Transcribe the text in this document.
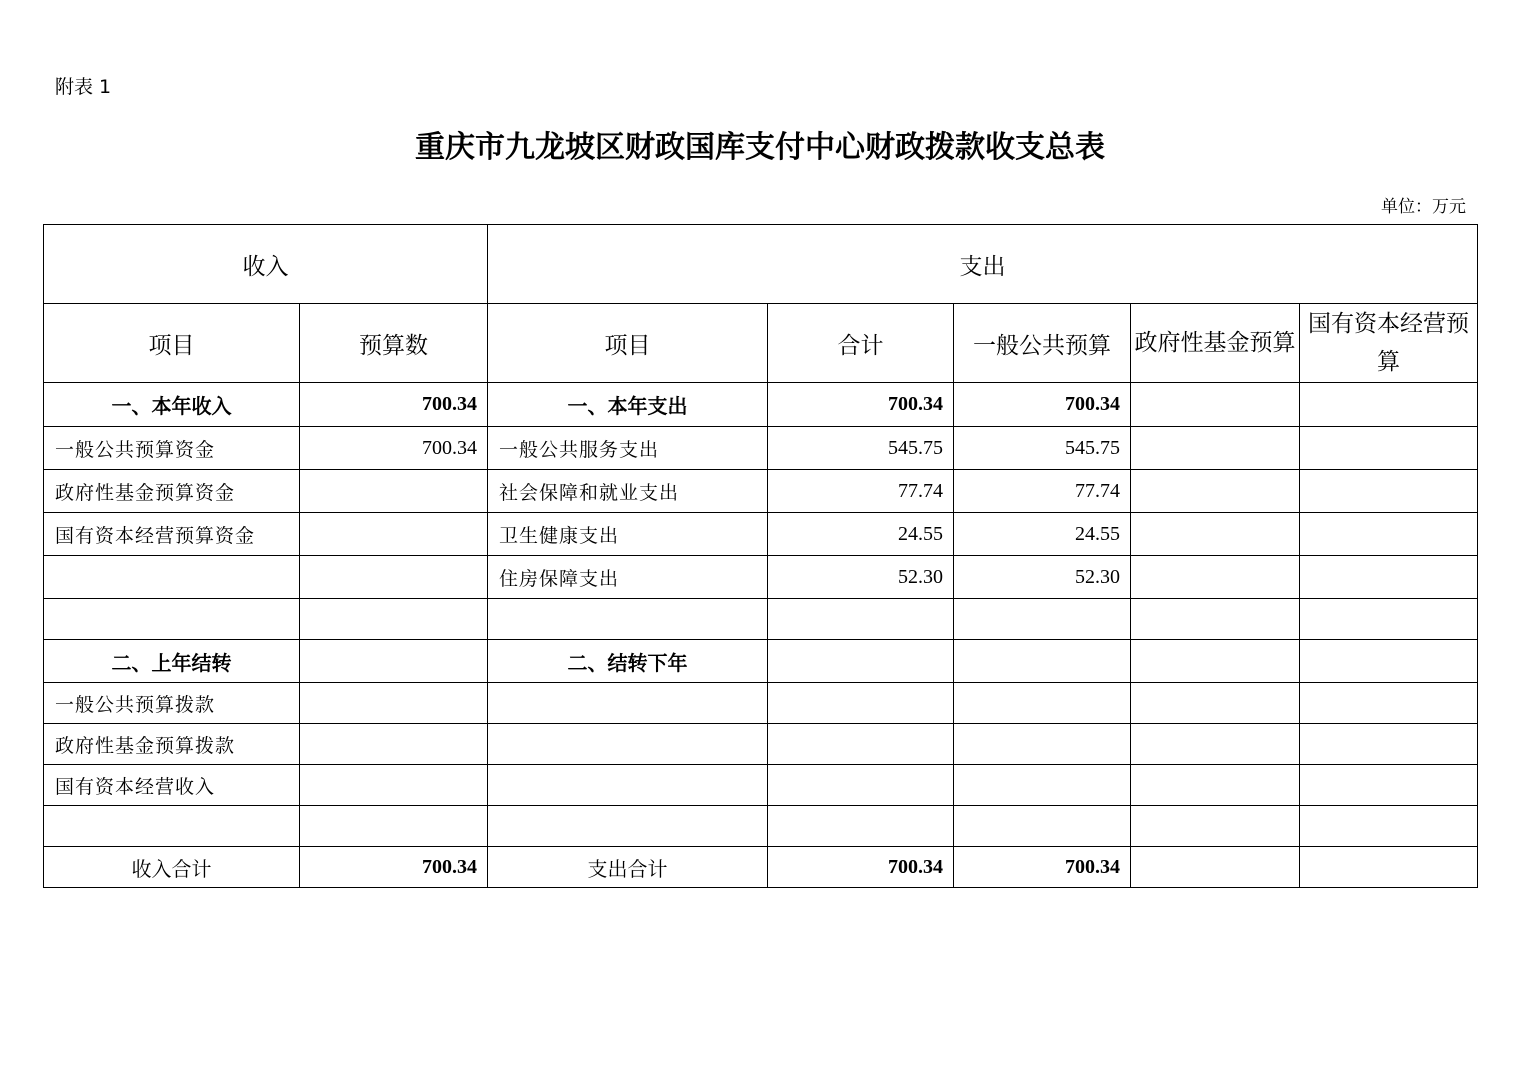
附表 1
重庆市九龙坡区财政国库支付中心财政拨款收支总表
单位：万元
收入		支出				
项目	预算数	项目	合计	一般公共预算	政府性基金预算	国有资本经营预算
一、本年收入	700.34	一、本年支出	700.34	700.34		
一般公共预算资金	700.34	一般公共服务支出	545.75	545.75		
政府性基金预算资金		社会保障和就业支出	77.74	77.74		
国有资本经营预算资金		卫生健康支出	24.55	24.55		
		住房保障支出	52.30	52.30		

二、上年结转		二、结转下年				
一般公共预算拨款						
政府性基金预算拨款						
国有资本经营收入						

收入合计	700.34	支出合计	700.34	700.34		
